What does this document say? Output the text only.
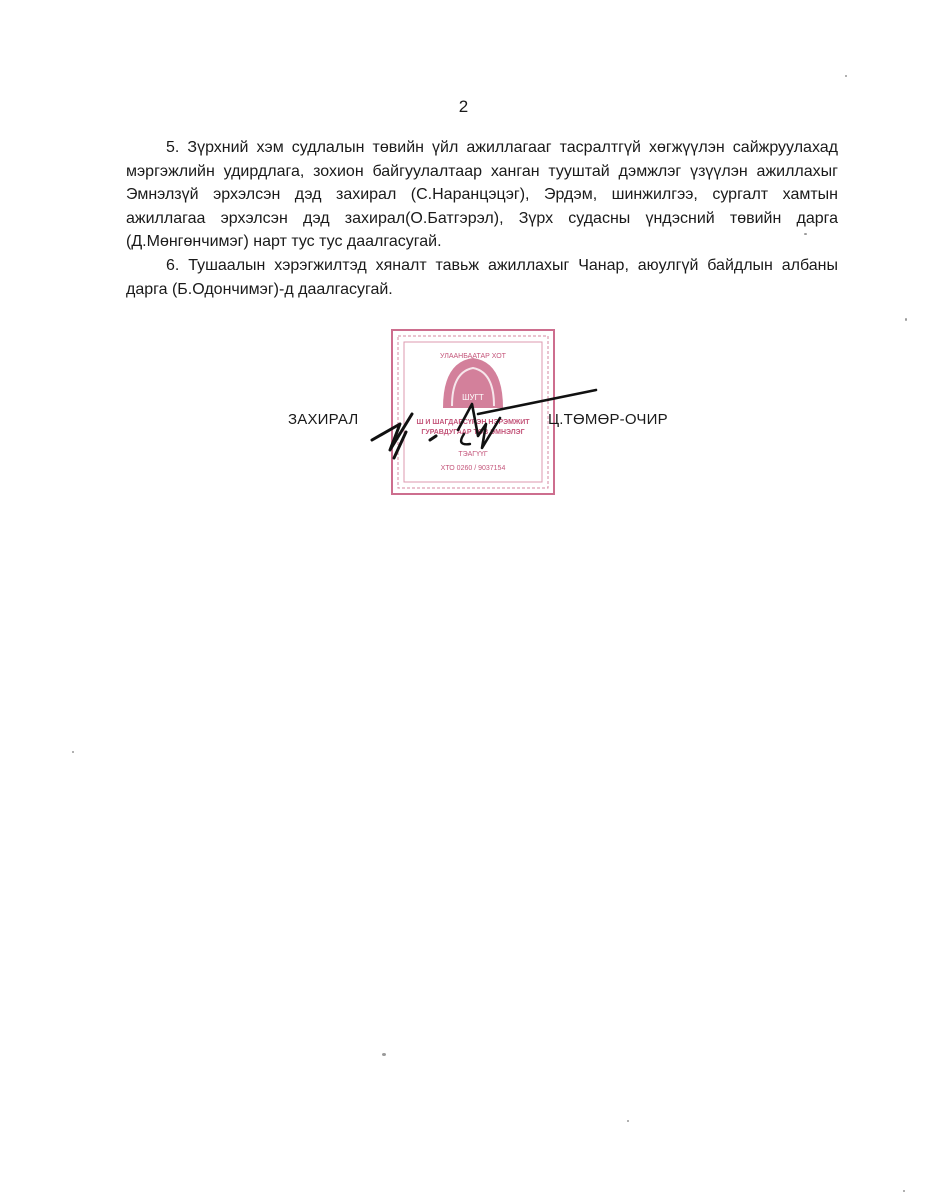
2

5. Зүрхний хэм судлалын төвийн үйл ажиллагааг тасралтгүй хөгжүүлэн сайжруулахад мэргэжлийн удирдлага, зохион байгуулалтаар ханган тууштай дэмжлэг үзүүлэн ажиллахыг Эмнэлзүй эрхэлсэн дэд захирал (С.Наранцэцэг), Эрдэм, шинжилгээ, сургалт хамтын ажиллагаа эрхэлсэн дэд захирал(О.Батгэрэл), Зүрх судасны үндэсний төвийн дарга (Д.Мөнгөнчимэг) нарт тус тус даалгасугай.

6. Тушаалын хэрэгжилтэд хяналт тавьж ажиллахыг Чанар, аюулгүй байдлын албаны дарга (Б.Одончимэг)-д даалгасугай.

УЛААНБААТАР ХОТ
ШУГТ
Ш И ШАГДАРСҮРЭН НЭРЭМЖИТ
ГУРАВДУГААР ТӨВ ЭМНЭЛЭГ
ТЭАГҮҮГ
ХТО 0260 / 9037154
ЗАХИРАЛ	Ц.ТӨМӨР-ОЧИР
